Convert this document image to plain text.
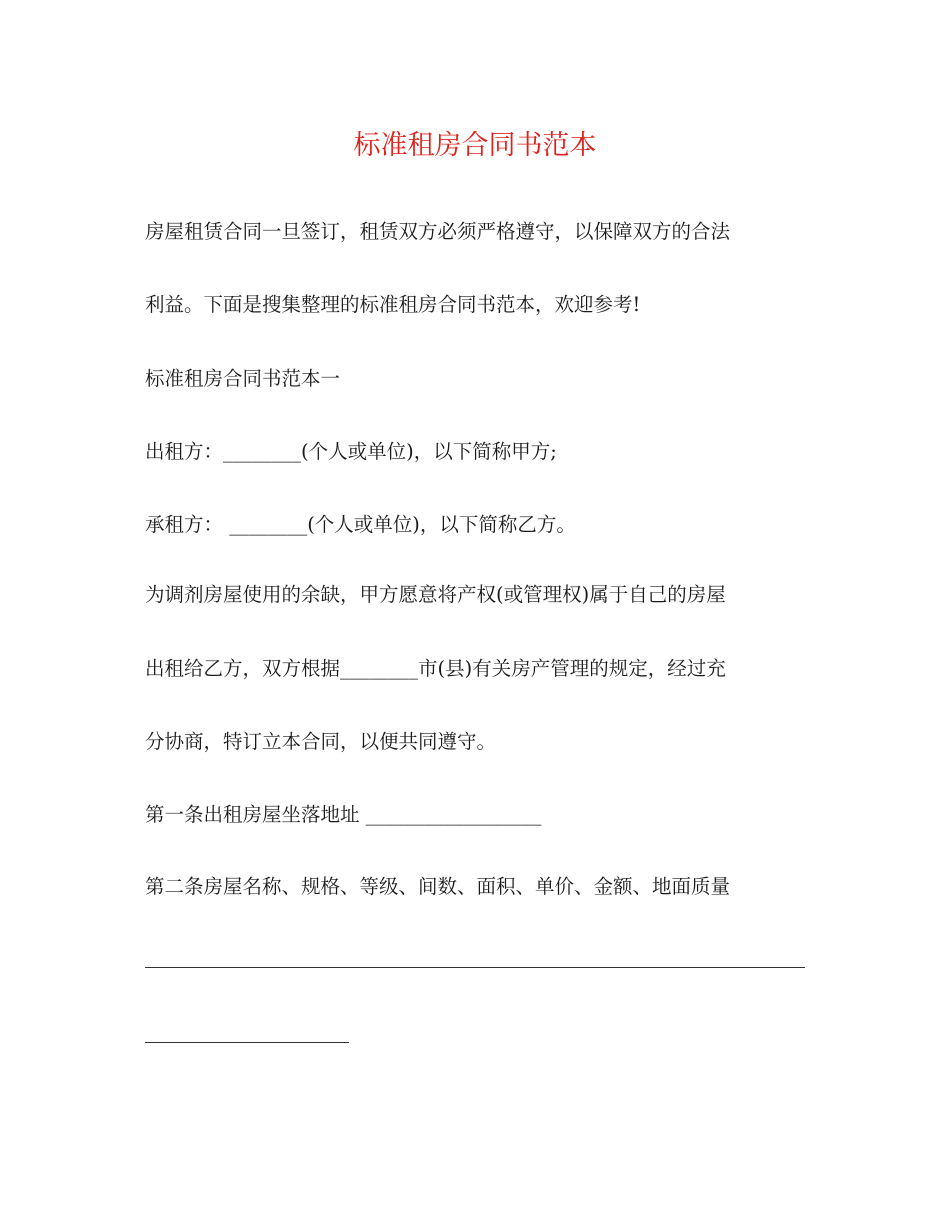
标准租房合同书范本

房屋租赁合同一旦签订，租赁双方必须严格遵守，以保障双方的合法

利益。下面是搜集整理的标准租房合同书范本，欢迎参考!

标准租房合同书范本一

出租方：________(个人或单位)，以下简称甲方;

承租方： ________(个人或单位)，以下简称乙方。

为调剂房屋使用的余缺，甲方愿意将产权(或管理权)属于自己的房屋

出租给乙方，双方根据________市(县)有关房产管理的规定，经过充

分协商，特订立本合同，以便共同遵守。

第一条出租房屋坐落地址 __________________

第二条房屋名称、规格、等级、间数、面积、单价、金额、地面质量
